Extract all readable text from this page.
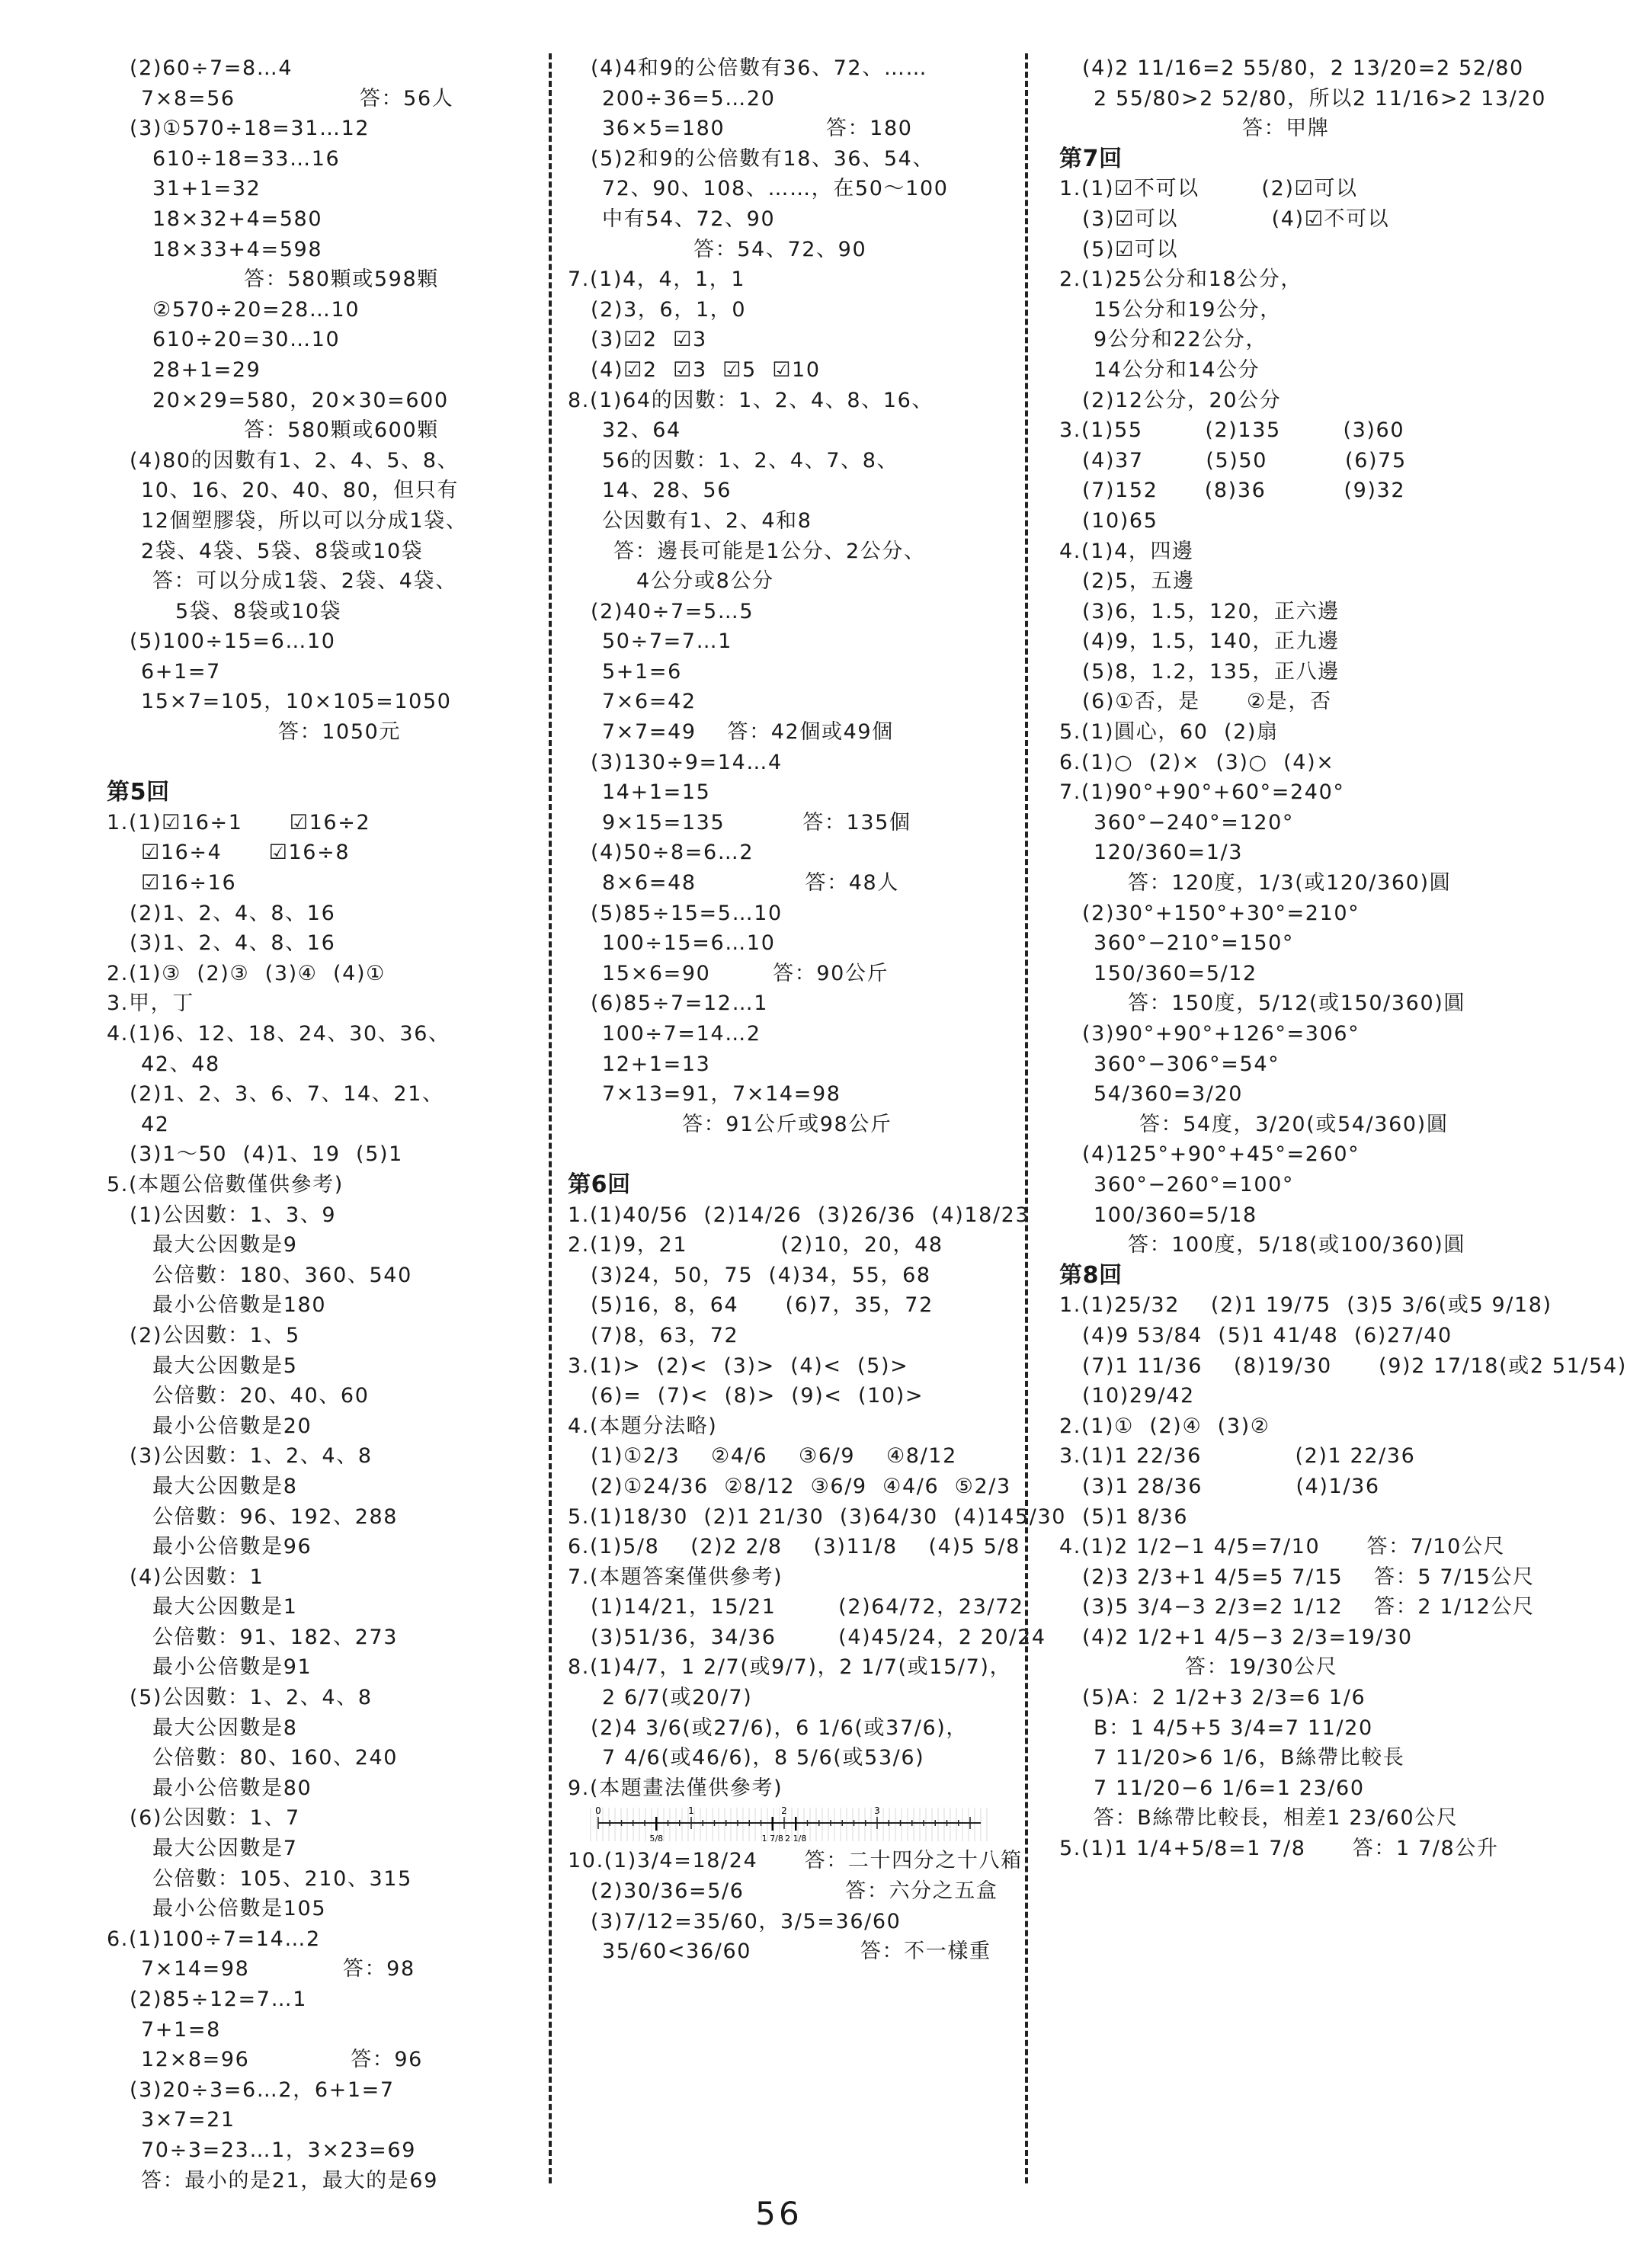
(2)60÷7=8…4
7×8=56                答：56人
(3)①570÷18=31…12
610÷18=33…16
31+1=32
18×32+4=580
18×33+4=598
答：580顆或598顆
②570÷20=28…10
610÷20=30…10
28+1=29
20×29=580，20×30=600
答：580顆或600顆
(4)80的因數有1、2、4、5、8、
10、16、20、40、80，但只有
12個塑膠袋，所以可以分成1袋、
2袋、4袋、5袋、8袋或10袋
答：可以分成1袋、2袋、4袋、
5袋、8袋或10袋
(5)100÷15=6…10
6+1=7
15×7=105，10×105=1050
答：1050元
第5回
1.(1)☑16÷1      ☑16÷2
☑16÷4      ☑16÷8
☑16÷16
(2)1、2、4、8、16
(3)1、2、4、8、16
2.(1)③  (2)③  (3)④  (4)①
3.甲，丁
4.(1)6、12、18、24、30、36、
42、48
(2)1、2、3、6、7、14、21、
42
(3)1～50  (4)1、19  (5)1
5.(本題公倍數僅供參考)
(1)公因數：1、3、9
最大公因數是9
公倍數：180、360、540
最小公倍數是180
(2)公因數：1、5
最大公因數是5
公倍數：20、40、60
最小公倍數是20
(3)公因數：1、2、4、8
最大公因數是8
公倍數：96、192、288
最小公倍數是96
(4)公因數：1
最大公因數是1
公倍數：91、182、273
最小公倍數是91
(5)公因數：1、2、4、8
最大公因數是8
公倍數：80、160、240
最小公倍數是80
(6)公因數：1、7
最大公因數是7
公倍數：105、210、315
最小公倍數是105
6.(1)100÷7=14…2
7×14=98            答：98
(2)85÷12=7…1
7+1=8
12×8=96             答：96
(3)20÷3=6…2，6+1=7
3×7=21
70÷3=23…1，3×23=69
答：最小的是21，最大的是69
(4)4和9的公倍數有36、72、……
200÷36=5…20
36×5=180             答：180
(5)2和9的公倍數有18、36、54、
72、90、108、……，在50～100
中有54、72、90
答：54、72、90
7.(1)4，4，1，1
(2)3，6，1，0
(3)☑2  ☑3
(4)☑2  ☑3  ☑5  ☑10
8.(1)64的因數：1、2、4、8、16、
32、64
56的因數：1、2、4、7、8、
14、28、56
公因數有1、2、4和8
答：邊長可能是1公分、2公分、
4公分或8公分
(2)40÷7=5…5
50÷7=7…1
5+1=6
7×6=42
7×7=49    答：42個或49個
(3)130÷9=14…4
14+1=15
9×15=135          答：135個
(4)50÷8=6…2
8×6=48              答：48人
(5)85÷15=5…10
100÷15=6…10
15×6=90        答：90公斤
(6)85÷7=12…1
100÷7=14…2
12+1=13
7×13=91，7×14=98
答：91公斤或98公斤
第6回
1.(1)40/56  (2)14/26  (3)26/36  (4)18/23
2.(1)9，21            (2)10，20，48
(3)24，50，75  (4)34，55，68
(5)16，8，64      (6)7，35，72
(7)8，63，72
3.(1)>  (2)<  (3)>  (4)<  (5)>
(6)=  (7)<  (8)>  (9)<  (10)>
4.(本題分法略)
(1)①2/3    ②4/6    ③6/9    ④8/12
(2)①24/36  ②8/12  ③6/9  ④4/6  ⑤2/3
5.(1)18/30  (2)1 21/30  (3)64/30  (4)145/30
6.(1)5/8    (2)2 2/8    (3)11/8    (4)5 5/8
7.(本題答案僅供參考)
(1)14/21，15/21        (2)64/72，23/72
(3)51/36，34/36        (4)45/24，2 20/24
8.(1)4/7，1 2/7(或9/7)，2 1/7(或15/7)，
2 6/7(或20/7)
(2)4 3/6(或27/6)，6 1/6(或37/6)，
7 4/6(或46/6)，8 5/6(或53/6)
9.(本題畫法僅供參考)
0	1	2	3
5/8	1 7/8 2 1/8
10.(1)3/4=18/24      答：二十四分之十八箱
(2)30/36=5/6             答：六分之五盒
(3)7/12=35/60，3/5=36/60
35/60<36/60              答：不一樣重
(4)2 11/16=2 55/80，2 13/20=2 52/80
2 55/80>2 52/80，所以2 11/16>2 13/20
答：甲牌
第7回
1.(1)☑不可以        (2)☑可以
(3)☑可以            (4)☑不可以
(5)☑可以
2.(1)25公分和18公分，
15公分和19公分，
9公分和22公分，
14公分和14公分
(2)12公分，20公分
3.(1)55        (2)135        (3)60
(4)37        (5)50          (6)75
(7)152      (8)36          (9)32
(10)65
4.(1)4，四邊
(2)5，五邊
(3)6，1.5，120，正六邊
(4)9，1.5，140，正九邊
(5)8，1.2，135，正八邊
(6)①否，是      ②是，否
5.(1)圓心，60  (2)扇
6.(1)○  (2)×  (3)○  (4)×
7.(1)90°+90°+60°=240°
360°−240°=120°
120/360=1/3
答：120度，1/3(或120/360)圓
(2)30°+150°+30°=210°
360°−210°=150°
150/360=5/12
答：150度，5/12(或150/360)圓
(3)90°+90°+126°=306°
360°−306°=54°
54/360=3/20
答：54度，3/20(或54/360)圓
(4)125°+90°+45°=260°
360°−260°=100°
100/360=5/18
答：100度，5/18(或100/360)圓
第8回
1.(1)25/32    (2)1 19/75  (3)5 3/6(或5 9/18)
(4)9 53/84  (5)1 41/48  (6)27/40
(7)1 11/36    (8)19/30      (9)2 17/18(或2 51/54)
(10)29/42
2.(1)①  (2)④  (3)②
3.(1)1 22/36            (2)1 22/36
(3)1 28/36            (4)1/36
(5)1 8/36
4.(1)2 1/2−1 4/5=7/10      答：7/10公尺
(2)3 2/3+1 4/5=5 7/15    答：5 7/15公尺
(3)5 3/4−3 2/3=2 1/12    答：2 1/12公尺
(4)2 1/2+1 4/5−3 2/3=19/30
答：19/30公尺
(5)A：2 1/2+3 2/3=6 1/6
B：1 4/5+5 3/4=7 11/20
7 11/20>6 1/6，B絲帶比較長
7 11/20−6 1/6=1 23/60
答：B絲帶比較長，相差1 23/60公尺
5.(1)1 1/4+5/8=1 7/8      答：1 7/8公升
56
